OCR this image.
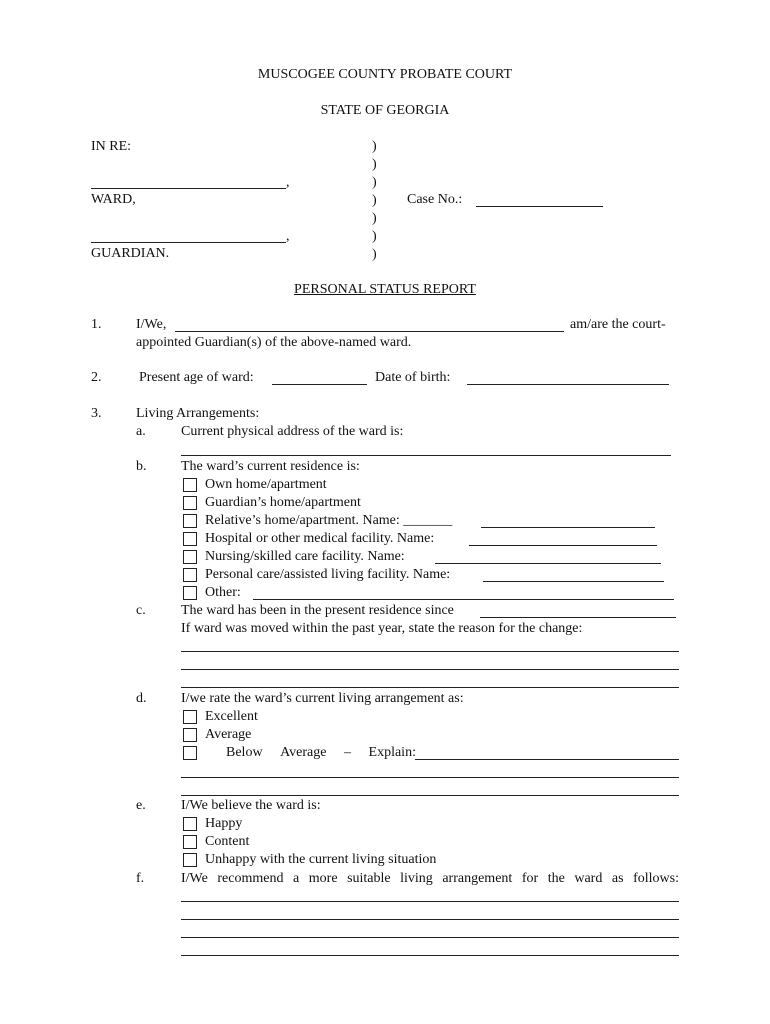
MUSCOGEE COUNTY PROBATE COURT
STATE OF GEORGIA
IN RE:
,
WARD,
,
GUARDIAN.
)
)
)
)
)
)
)
Case No.:
PERSONAL STATUS REPORT
1. I/We,	am/are the court-
appointed Guardian(s) of the above-named ward.
2.	Present age of ward:	Date of birth:
3. Living Arrangements:
a.	Current physical address of the ward is:
b. The ward’s current residence is:
Own home/apartment
Guardian’s home/apartment
Relative’s home/apartment. Name: _______
Hospital or other medical facility. Name:
Nursing/skilled care facility. Name:
Personal care/assisted living facility. Name:
Other:
c.	The ward has been in the present residence since
If ward was moved within the past year, state the reason for the change:
d. I/we rate the ward’s current living arrangement as:
Excellent
Average
Below Average – Explain:
e.	I/We believe the ward is:
Happy
Content
Unhappy with the current living situation
f.	I/We recommend a more suitable living arrangement for the ward as follows:
